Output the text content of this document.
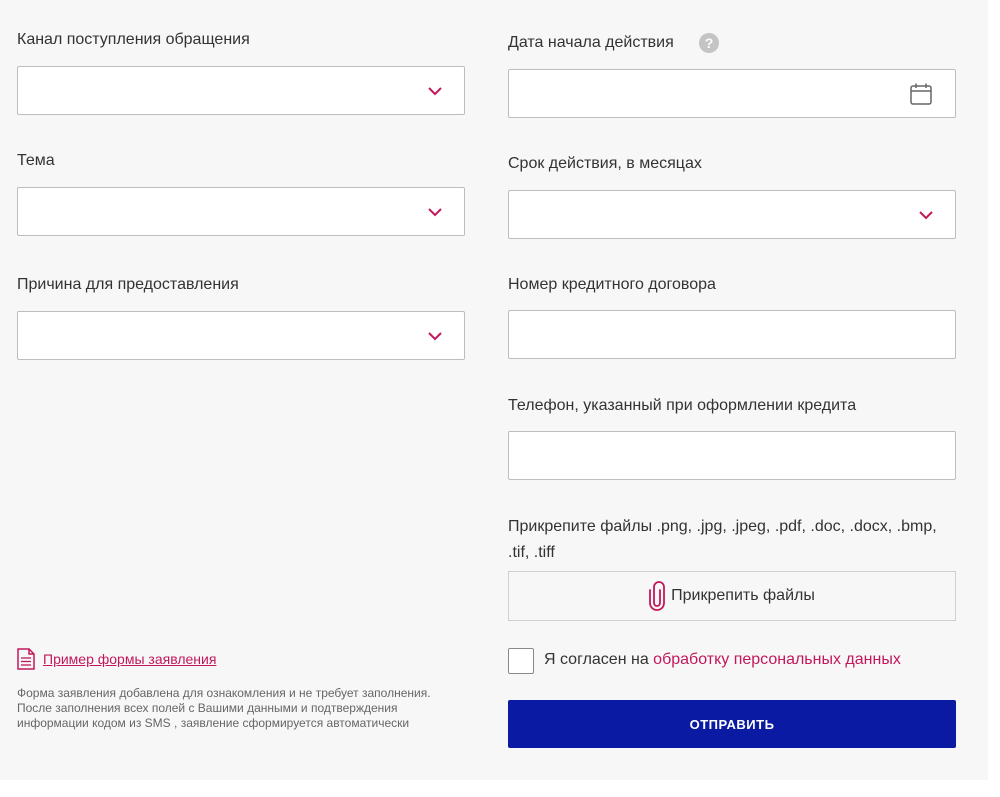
Канал поступления обращения
Тема
Причина для предоставления
Пример формы заявления
Форма заявления добавлена для ознакомления и не требует заполнения.
После заполнения всех полей с Вашими данными и подтверждения
информации кодом из SMS , заявление сформируется автоматически
Дата начала действия	?
Срок действия, в месяцах
Номер кредитного договора
Телефон, указанный при оформлении кредита
Прикрепите файлы .png, .jpg, .jpeg, .pdf, .doc, .docx, .bmp, .tif, .tiff
Прикрепить файлы
Я согласен на обработку персональных данных
ОТПРАВИТЬ
